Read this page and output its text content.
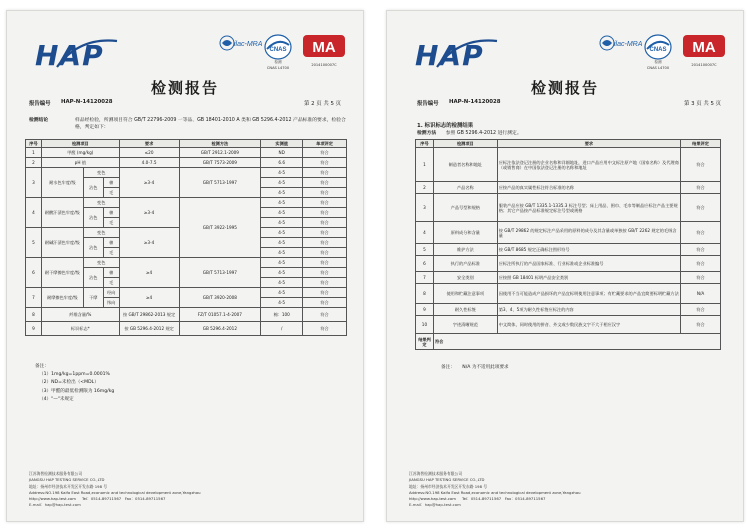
HAP	ilac-MRA
CNAS
检测
CNAS L4700
MA
2014100007C
检测报告
报告编号 HAP-N-14120028	第 2 页 共 5 页
检测结论	样品经检验，所测项目符合 GB/T 22796-2009 一等品、GB 18401-2010 A 类和 GB 5296.4-2012 产品标准的要求，检验合格，判定如下：
序号	检测项目			要求	检测方法	实测值	单项评定
1	甲醛 (mg/kg)			≤20	GB/T 2912.1-2009	ND	符合
2	pH 值			4.0-7.5	GB/T 7573-2009	6.6	符合
3	耐水色牢度/级	变色		≥3-4	GB/T 5713-1997	4-5	符合
		沾色	棉			4-5	符合
			毛			4-5	符合
4	耐酸汗渍色牢度/级	变色		≥3-4	GB/T 3922-1995	4-5	符合
		沾色	棉			4-5	符合
			毛			4-5	符合
5	耐碱汗渍色牢度/级	变色		≥3-4		4-5	符合
		沾色	棉			4-5	符合
			毛			4-5	符合
6	耐干摩擦色牢度/级	变色		≥4	GB/T 5713-1997	4-5	符合
		沾色	棉			4-5	符合
			毛			4-5	符合
7	耐摩擦色牢度/级	干摩	经向	≥4	GB/T 3920-2008	4-5	符合
			纬向			4-5	符合
8	纤维含量/%			按 GB/T 29862-2013 规定	FZ/T 01057.1-4-2007	棉：100	符合
9	标识标志*			按 GB 5296.4-2012 规定	GB 5296.4-2012	/	符合
备注：
（1）1mg/kg=1ppm=0.0001%
（2）ND=未检出（<MDL）
（3）甲醛的最低检测限为 16mg/kg
（4）"—"未规定
江苏海普检测技术服务有限公司
JIANGSU HAP TESTING SERVICE CO.,LTD
地址：扬州市经济技术开发区开发东路 198 号
Address:NO.198 Kaifa East Road,economic and technological development zone,Yangzhou
http://www.hap-test.com Tel：0514-89711567 Fax：0514-89711567
E-mail：hap@hap-test.com
HAP	ilac-MRA
CNAS
检测
CNAS L4700
MA
2014100007C
检测报告
报告编号 HAP-N-14120028	第 3 页 共 5 页
1. 标识标志的检测结果
检测方法 参照 GB 5296.4-2012 进行测定。
序号	检测项目	要求	结果评定
1	制造者名称和地址	应标注依法登记注册的企业名称和详细地址，进口产品应用中文标注原产地（国家名称）及代理商（或销售商）在中国依法登记注册的名称和地址	符合
2	产品名称	应按产品的真实属性标注符合标准的名称	符合
3	产品号型和规格	服装产品应按 GB/T 1335.1-1335.3 标注号型；床上用品、围巾、毛巾等制品应标注产品主要规格；其它产品按产品标准规定标注号型或规格	符合
4	原料成分和含量	按 GB/T 29862 的规定标注产品采用的原料的成分及其含量或单独按 GB/T 2262 规定的毛绒含量	符合
5	维护方法	按 GB/T 8685 规定正确标注图形符号	符合
6	执行的产品标准	应标注所执行的产品国家标准、行业标准或企业标准编号	符合
7	安全类别	应按照 GB 18401 标明产品安全类别	符合
8	使用和贮藏注意事项	因使用不当可能造成产品损坏的产品宜标明使用注意事项；有贮藏要求的产品宜简要标明贮藏方法	N/A
9	耐久性标签	第3、4、5项为耐久性标签应标注的内容	符合
10	字迹清晰规范	中文简体，同时使用的拼音、外文或少数民族文字不大于相应汉字	符合
结果判定	符合		
备注： N/A 为不适用此项要求
江苏海普检测技术服务有限公司
JIANGSU HAP TESTING SERVICE CO.,LTD
地址：扬州市经济技术开发区开发东路 198 号
Address:NO.198 Kaifa East Road,economic and technological development zone,Yangzhou
http://www.hap-test.com Tel：0514-89711567 Fax：0514-89711567
E-mail：hap@hap-test.com
